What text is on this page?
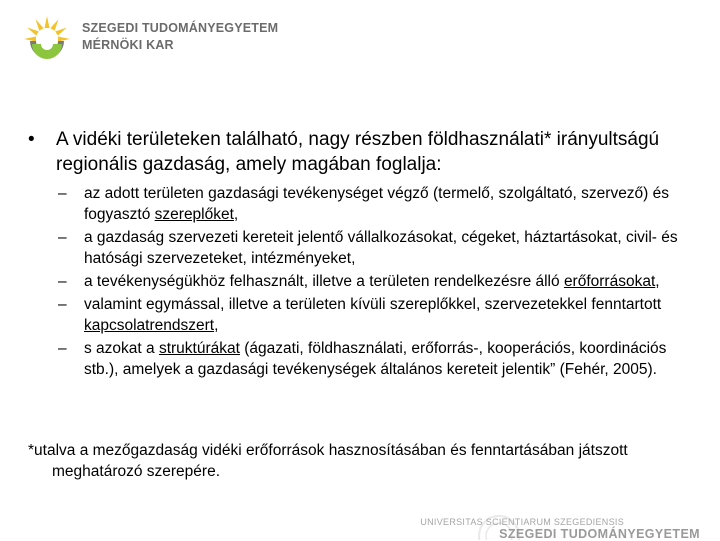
SZEGEDI TUDOMÁNYEGYETEM
MÉRNÖKI KAR
• A vidéki területeken található, nagy részben földhasználati* irányultságú regionális gazdaság, amely magában foglalja:
– az adott területen gazdasági tevékenységet végző (termelő, szolgáltató, szervező) és fogyasztó szereplőket,
– a gazdaság szervezeti kereteit jelentő vállalkozásokat, cégeket, háztartásokat, civil- és hatósági szervezeteket, intézményeket,
– a tevékenységükhöz felhasznált, illetve a területen rendelkezésre álló erőforrásokat,
– valamint egymással, illetve a területen kívüli szereplőkkel, szervezetekkel fenntartott kapcsolatrendszert,
– s azokat a struktúrákat (ágazati, földhasználati, erőforrás-, kooperációs, koordinációs stb.), amelyek a gazdasági tevékenységek általános kereteit jelentik” (Fehér, 2005).
*utalva a mezőgazdaság vidéki erőforrások hasznosításában és fenntartásában játszott meghatározó szerepére.
UNIVERSITAS SCIENTIARUM SZEGEDIENSIS
SZEGEDI TUDOMÁNYEGYETEM
